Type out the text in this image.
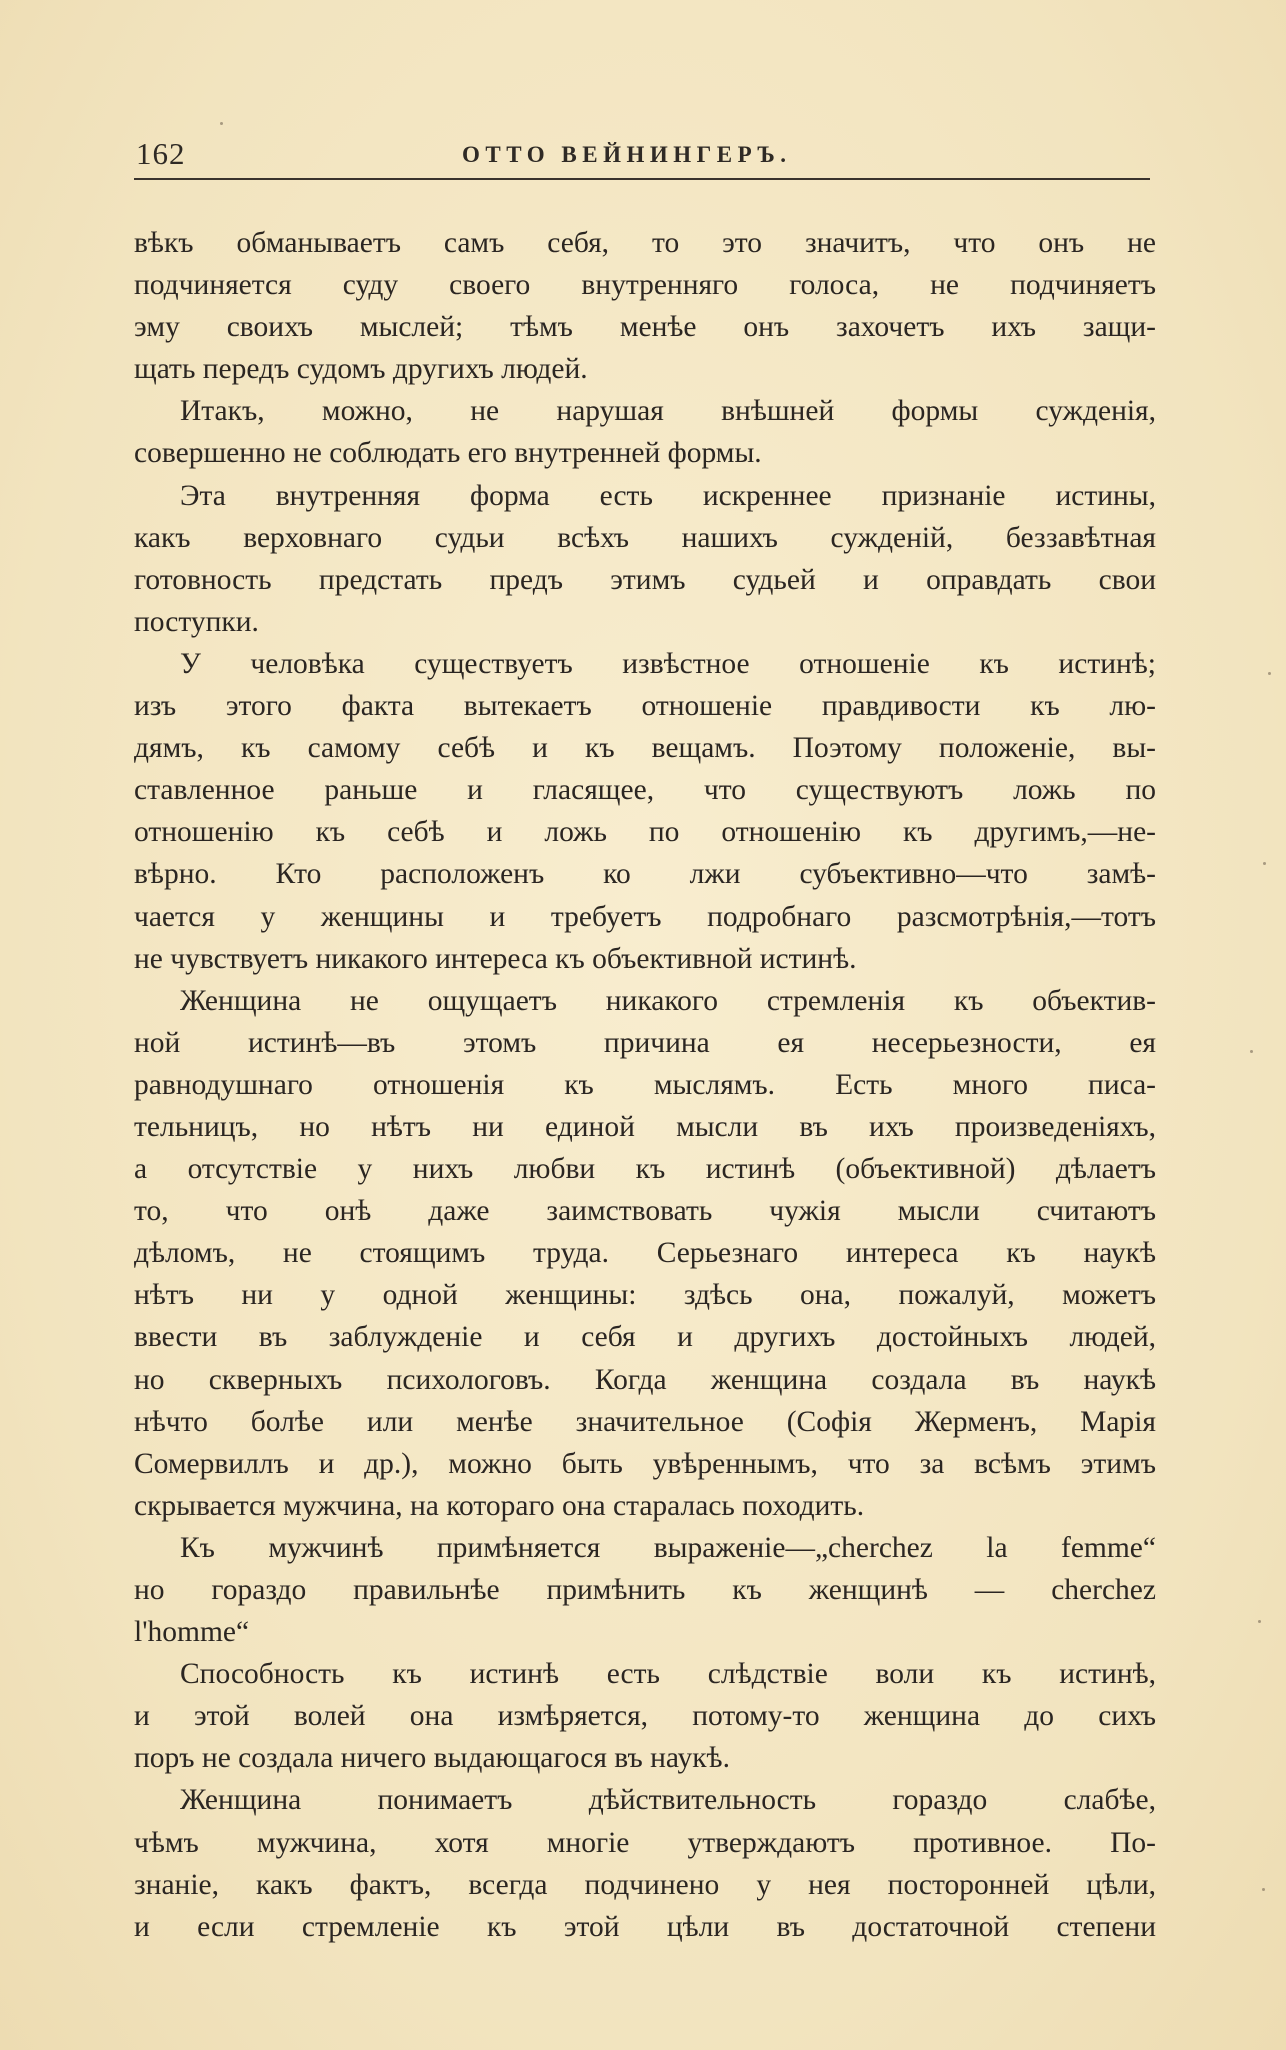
162	ОТТО ВЕЙНИНГЕРЪ.
вѣкъ обманываетъ самъ себя, то это значитъ, что онъ не
подчиняется суду своего внутренняго голоса, не подчиняетъ
эму своихъ мыслей; тѣмъ менѣе онъ захочетъ ихъ защи-
щать передъ судомъ другихъ людей.
Итакъ, можно, не нарушая внѣшней формы сужденія,
совершенно не соблюдать его внутренней формы.
Эта внутренняя форма есть искреннее признаніе истины,
какъ верховнаго судьи всѣхъ нашихъ сужденій, беззавѣтная
готовность предстать предъ этимъ судьей и оправдать свои
поступки.
У человѣка существуетъ извѣстное отношеніе къ истинѣ;
изъ этого факта вытекаетъ отношеніе правдивости къ лю-
дямъ, къ самому себѣ и къ вещамъ. Поэтому положеніе, вы-
ставленное раньше и гласящее, что существуютъ ложь по
отношенію къ себѣ и ложь по отношенію къ другимъ,—не-
вѣрно. Кто расположенъ ко лжи субъективно—что замѣ-
чается у женщины и требуетъ подробнаго разсмотрѣнія,—тотъ
не чувствуетъ никакого интереса къ объективной истинѣ.
Женщина не ощущаетъ никакого стремленія къ объектив-
ной истинѣ—въ этомъ причина ея несерьезности, ея
равнодушнаго отношенія къ мыслямъ. Есть много писа-
тельницъ, но нѣтъ ни единой мысли въ ихъ произведеніяхъ,
а отсутствіе у нихъ любви къ истинѣ (объективной) дѣлаетъ
то, что онѣ даже заимствовать чужія мысли считаютъ
дѣломъ, не стоящимъ труда. Серьезнаго интереса къ наукѣ
нѣтъ ни у одной женщины: здѣсь она, пожалуй, можетъ
ввести въ заблужденіе и себя и другихъ достойныхъ людей,
но скверныхъ психологовъ. Когда женщина создала въ наукѣ
нѣчто болѣе или менѣе значительное (Софія Жерменъ, Марія
Сомервиллъ и др.), можно быть увѣреннымъ, что за всѣмъ этимъ
скрывается мужчина, на котораго она старалась походить.
Къ мужчинѣ примѣняется выраженіе—„cherchez la femme“
но гораздо правильнѣе примѣнить къ женщинѣ — cherchez
l'homme“
Способность къ истинѣ есть слѣдствіе воли къ истинѣ,
и этой волей она измѣряется, потому-то женщина до сихъ
поръ не создала ничего выдающагося въ наукѣ.
Женщина понимаетъ дѣйствительность гораздо слабѣе,
чѣмъ мужчина, хотя многіе утверждаютъ противное. По-
знаніе, какъ фактъ, всегда подчинено у нея посторонней цѣли,
и если стремленіе къ этой цѣли въ достаточной степени
